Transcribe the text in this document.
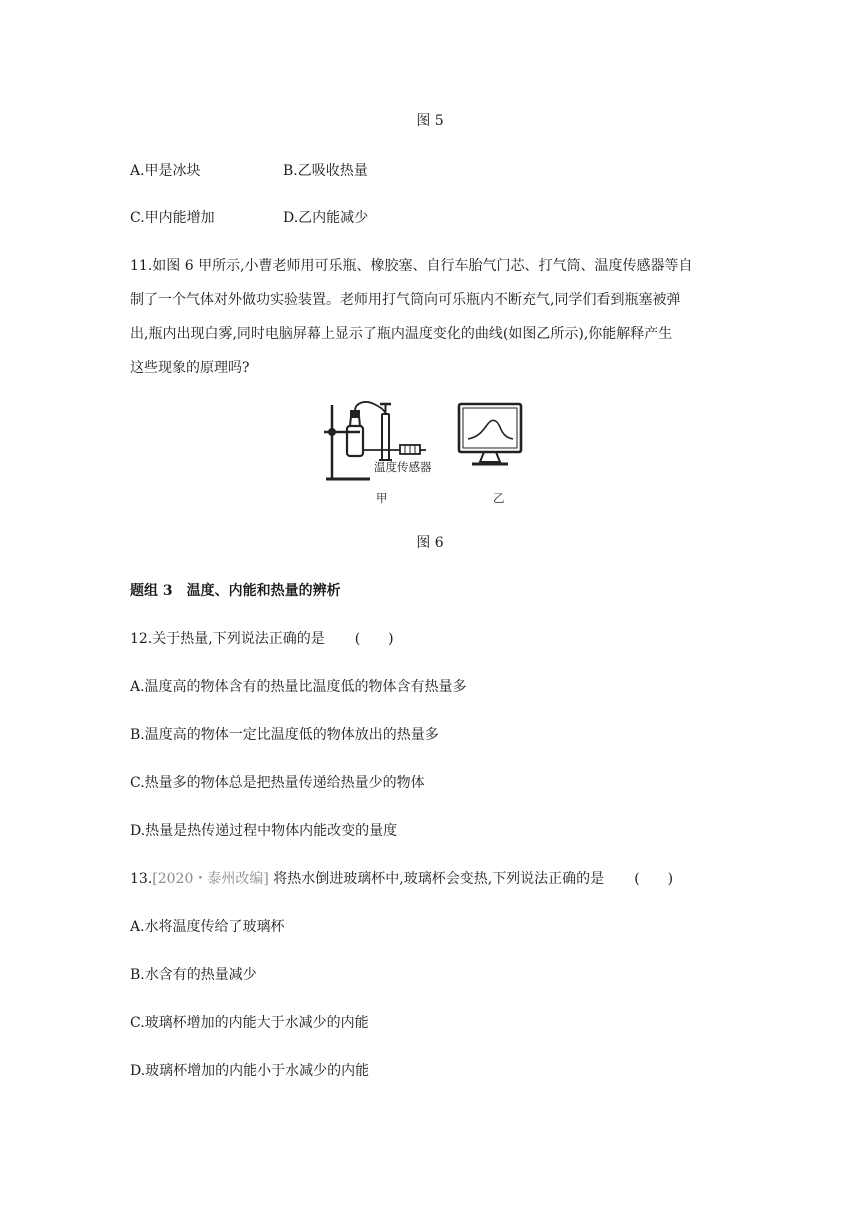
图 5
A.甲是冰块	B.乙吸收热量
C.甲内能增加	D.乙内能减少
11.如图 6 甲所示,小曹老师用可乐瓶、橡胶塞、自行车胎气门芯、打气筒、温度传感器等自
制了一个气体对外做功实验装置。老师用打气筒向可乐瓶内不断充气,同学们看到瓶塞被弹
出,瓶内出现白雾,同时电脑屏幕上显示了瓶内温度变化的曲线(如图乙所示),你能解释产生
这些现象的原理吗?
温度传感器
甲	乙
图 6
题组 3　温度、内能和热量的辨析
12.关于热量,下列说法正确的是 (　　)
A.温度高的物体含有的热量比温度低的物体含有热量多
B.温度高的物体一定比温度低的物体放出的热量多
C.热量多的物体总是把热量传递给热量少的物体
D.热量是热传递过程中物体内能改变的量度
13.[2020・泰州改编] 将热水倒进玻璃杯中,玻璃杯会变热,下列说法正确的是 (　　)
A.水将温度传给了玻璃杯
B.水含有的热量减少
C.玻璃杯增加的内能大于水减少的内能
D.玻璃杯增加的内能小于水减少的内能
